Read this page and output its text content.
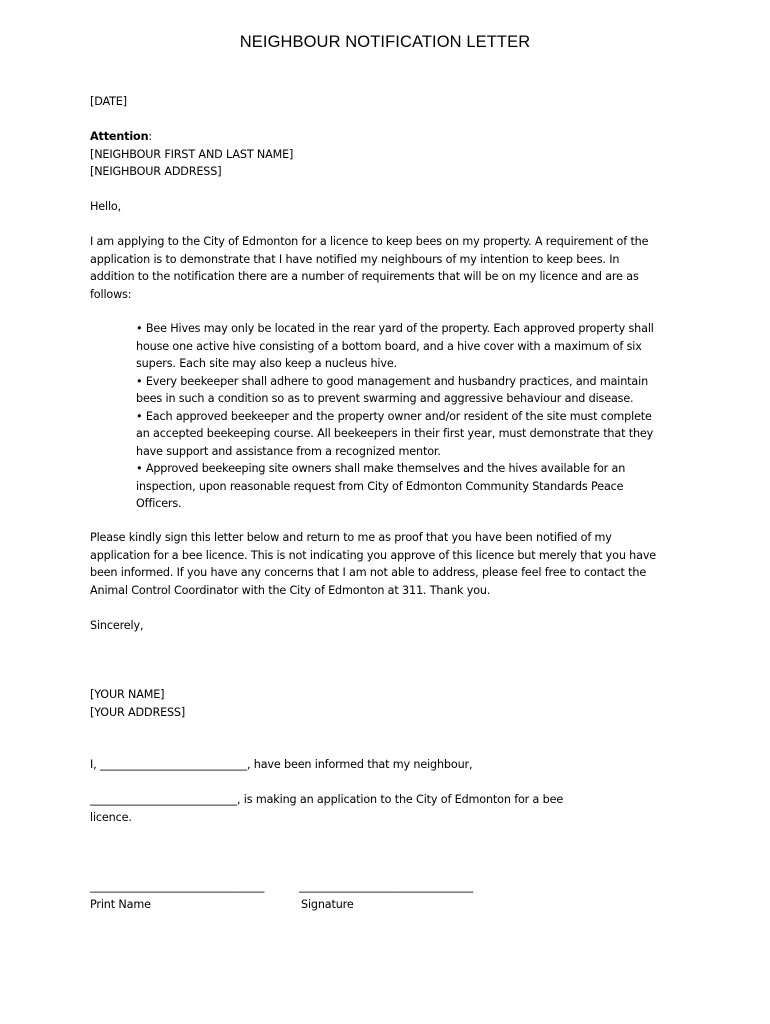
NEIGHBOUR NOTIFICATION LETTER
[DATE]
Attention:
[NEIGHBOUR FIRST AND LAST NAME]
[NEIGHBOUR ADDRESS]
Hello,
I am applying to the City of Edmonton for a licence to keep bees on my property. A requirement of the
application is to demonstrate that I have notified my neighbours of my intention to keep bees. In
addition to the notification there are a number of requirements that will be on my licence and are as
follows:
• Bee Hives may only be located in the rear yard of the property. Each approved property shall
house one active hive consisting of a bottom board, and a hive cover with a maximum of six
supers. Each site may also keep a nucleus hive.
• Every beekeeper shall adhere to good management and husbandry practices, and maintain
bees in such a condition so as to prevent swarming and aggressive behaviour and disease.
• Each approved beekeeper and the property owner and/or resident of the site must complete
an accepted beekeeping course. All beekeepers in their first year, must demonstrate that they
have support and assistance from a recognized mentor.
• Approved beekeeping site owners shall make themselves and the hives available for an
inspection, upon reasonable request from City of Edmonton Community Standards Peace
Officers.
Please kindly sign this letter below and return to me as proof that you have been notified of my
application for a bee licence. This is not indicating you approve of this licence but merely that you have
been informed. If you have any concerns that I am not able to address, please feel free to contact the
Animal Control Coordinator with the City of Edmonton at 311. Thank you.
Sincerely,
[YOUR NAME]
[YOUR ADDRESS]
I, ___________________________, have been informed that my neighbour,
___________________________, is making an application to the City of Edmonton for a bee
licence.
________________________________	________________________________
Print Name	Signature
